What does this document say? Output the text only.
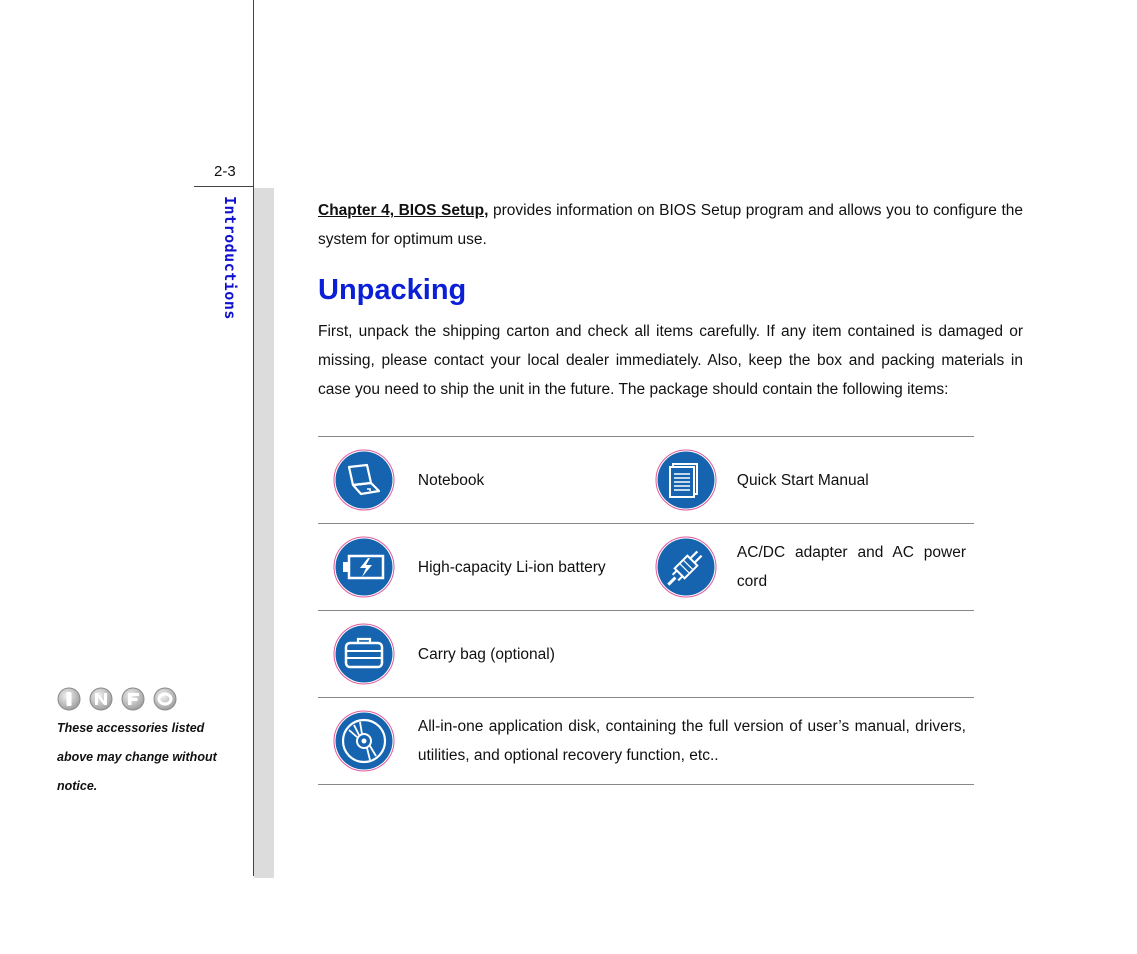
2-3
Introductions

These accessories listed above may change without notice.

Chapter 4, BIOS Setup, provides information on BIOS Setup program and allows you to configure the system for optimum use.

Unpacking

First, unpack the shipping carton and check all items carefully. If any item contained is damaged or missing, please contact your local dealer immediately. Also, keep the box and packing materials in case you need to ship the unit in the future. The package should contain the following items:

	Notebook		Quick Start Manual

	High-capacity Li-ion battery		AC/DC adapter and AC power cord

	Carry bag (optional)		

	All-in-one application disk, containing the full version of user’s manual, drivers, utilities, and optional recovery function, etc..		
